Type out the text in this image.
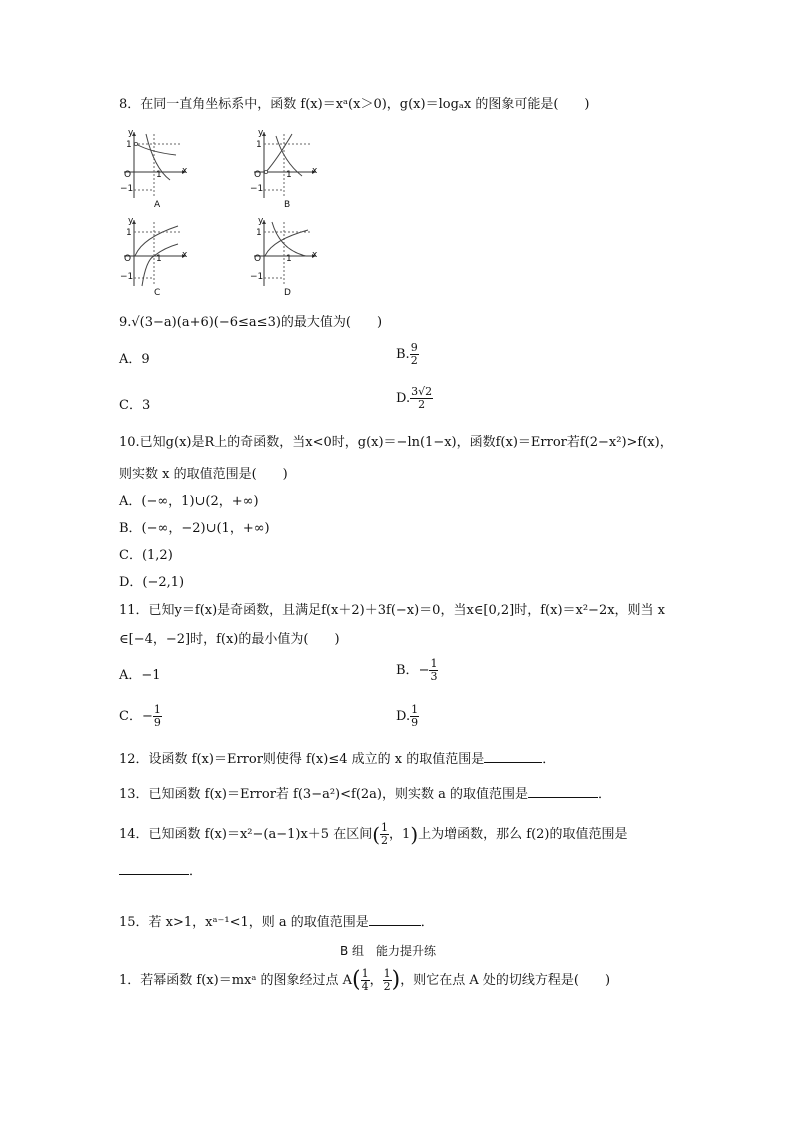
8．在同一直角坐标系中，函数 f(x)＝xᵃ(x＞0)，g(x)＝logₐx 的图象可能是(　　)
y
1
O	1 x
−1
A
y
1
O	1 x
−1
B
y
1
O	1 x
−1
C
y
1
O	1 x
−1
D
9.√(3−a)(a+6)(−6≤a≤3)的最大值为(　　)
A．9	B. $\frac{9}{2}$
C．3	D. $\frac{3√2}{2}$
10.已知g(x)是R上的奇函数，当x<0时，g(x)＝−ln(1−x)，函数f(x)＝Error若f(2−x²)>f(x)，
则实数 x 的取值范围是(　　)
A．(−∞，1)∪(2，+∞)
B．(−∞，−2)∪(1，+∞)
C．(1,2)
D．(−2,1)
11．已知y＝f(x)是奇函数，且满足f(x＋2)＋3f(−x)＝0，当x∈[0,2]时，f(x)＝x²−2x，则当 x
∈[−4，−2]时，f(x)的最小值为(　　)
A．−1	B．− $\frac{1}{3}$
C．− $\frac{1}{9}$	D. $\frac{1}{9}$
12．设函数 f(x)＝Error则使得 f(x)≤4 成立的 x 的取值范围是	．
13．已知函数 f(x)＝Error若 f(3−a²)<f(2a)，则实数 a 的取值范围是	．
14．已知函数 f(x)＝x²−(a−1)x＋5 在区间( $\frac{1}{2}$ ，1)上为增函数，那么 f(2)的取值范围是
．
15．若 x>1，xᵃ⁻¹<1，则 a 的取值范围是	．
B 组　能力提升练
1．若幂函数 f(x)＝mxᵃ 的图象经过点 $A( \frac{1}{4}$ ， $\frac{1}{2}$ )，则它在点 A 处的切线方程是(　　)
